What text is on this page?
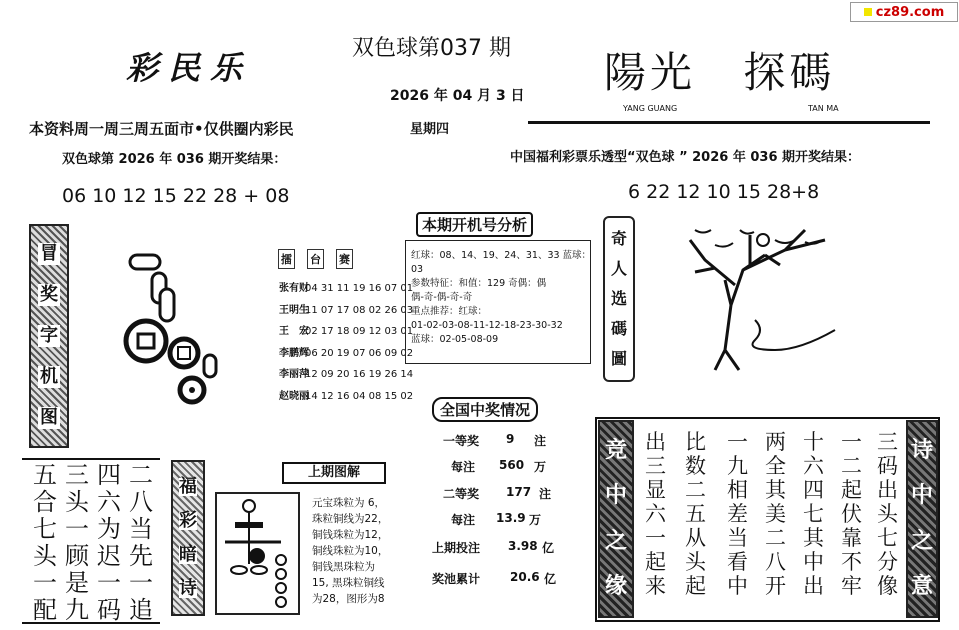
cz89.com
彩民乐
双色球第037 期
2026 年 04 月 3 日 陽光 探碼
YANG GUANG	TAN MA
本资料周一周三周五面市•仅供圈内彩民	星期四
双色球第 2026 年 036 期开奖结果：
06 10 12 15 22 28 + 08
中国福利彩票乐透型“双色球 ” 2026 年 036 期开奖结果：
6 22 12 10 15 28+8
冒
奖
字
机
图
擂 台 赛
张有财
04 31 11 19 16 07 01
王明生
11 07 17 08 02 26 03
王　宏
02 17 18 09 12 03 01
李鹏辉
06 20 19 07 06 09 02
李丽萍
12 09 20 16 19 26 14
赵晓丽
14 12 16 04 08 15 02
本期开机号分析
红球：08、14、19、24、31、33 蓝球：
03
参数特征：和值：129 奇偶：偶
偶-奇-偶-奇-奇
重点推荐：红球：
01-02-03-08-11-12-18-23-30-32
蓝球：02-05-08-09
奇
人
选
碼
圖
全国中奖情况
一等奖	9	注
每注	560 万
二等奖	177 注
每注	13.9 万
上期投注	3.98 亿
奖池累计	20.6 亿
上期图解
元宝珠粒为 6，
珠粒铜线为22，
铜钱珠粒为12，
铜线珠粒为10，
铜钱黑珠粒为
15, 黑珠粒铜线
为28，图形为8
二
八
当
先
一
追
四
六
为
迟
一
码
三
头
一
顾
是
九
五
合
七
头
一
配
福
彩
暗
诗
竞
中
之
缘
诗
中
之
意
三
码
出
头
七
分
像
一
二
起
伏
靠
不
牢
十
六
四
七
其
中
出
两
全
其
美
二
八
开
一
九
相
差
当
看
中
比
数
二
五
从
头
起
出
三
显
六
一
起
来
